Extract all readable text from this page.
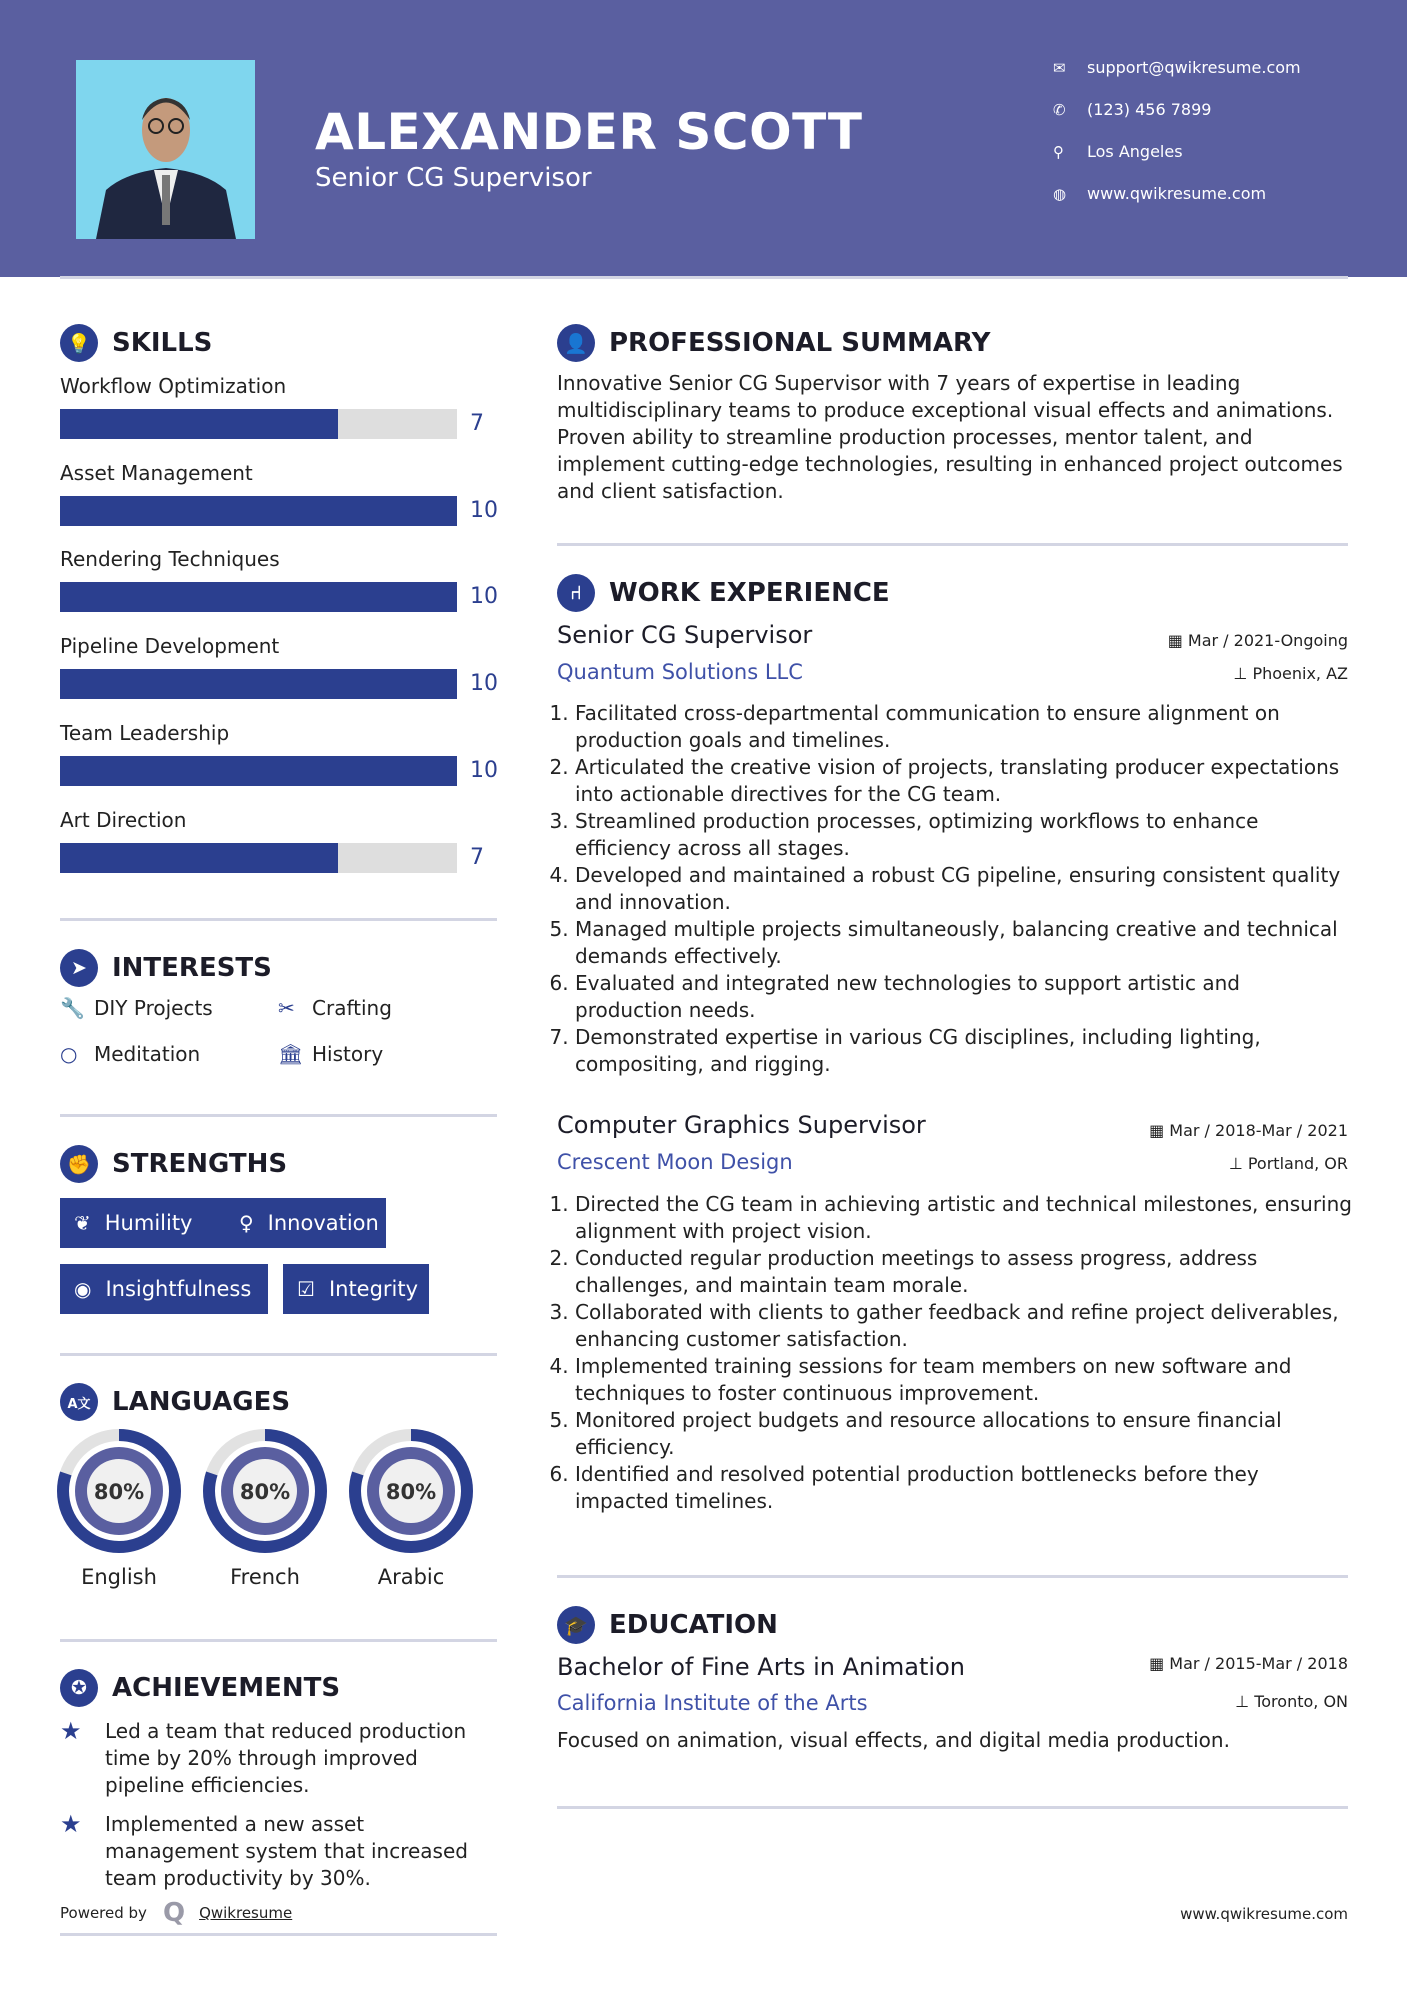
ALEXANDER SCOTT
Senior CG Supervisor
✉	support@qwikresume.com
✆	(123) 456 7899
⚲	Los Angeles
◍	www.qwikresume.com
💡 SKILLS
Workflow Optimization
7
Asset Management
10
Rendering Techniques
10
Pipeline Development
10
Team Leadership
10
Art Direction
7
➤ INTERESTS
🔧 DIY Projects	✂ Crafting
○ Meditation	🏛 History
✊ STRENGTHS
❦ Humility ♀ Innovation
◉ Insightfulness ☑ Integrity
A文 LANGUAGES
80%
English
80%
French
80%
Arabic
✪ ACHIEVEMENTS
★	Led a team that reduced production time by 20% through improved pipeline efficiencies.
★	Implemented a new asset management system that increased team productivity by 30%.
Powered by Q Qwikresume	www.qwikresume.com
👤 PROFESSIONAL SUMMARY
Innovative Senior CG Supervisor with 7 years of expertise in leading multidisciplinary teams to produce exceptional visual effects and animations. Proven ability to streamline production processes, mentor talent, and implement cutting-edge technologies, resulting in enhanced project outcomes and client satisfaction.
⑁	WORK EXPERIENCE
Senior CG Supervisor
Quantum Solutions LLC
▦ Mar / 2021-Ongoing
⊥ Phoenix, AZ
1. Facilitated cross-departmental communication to ensure alignment on production goals and timelines.
2. Articulated the creative vision of projects, translating producer expectations into actionable directives for the CG team.
3. Streamlined production processes, optimizing workflows to enhance efficiency across all stages.
4. Developed and maintained a robust CG pipeline, ensuring consistent quality and innovation.
5. Managed multiple projects simultaneously, balancing creative and technical demands effectively.
6. Evaluated and integrated new technologies to support artistic and production needs.
7. Demonstrated expertise in various CG disciplines, including lighting, compositing, and rigging.
Computer Graphics Supervisor
Crescent Moon Design
▦ Mar / 2018-Mar / 2021
⊥ Portland, OR
1. Directed the CG team in achieving artistic and technical milestones, ensuring alignment with project vision.
2. Conducted regular production meetings to assess progress, address challenges, and maintain team morale.
3. Collaborated with clients to gather feedback and refine project deliverables, enhancing customer satisfaction.
4. Implemented training sessions for team members on new software and techniques to foster continuous improvement.
5. Monitored project budgets and resource allocations to ensure financial efficiency.
6. Identified and resolved potential production bottlenecks before they impacted timelines.
🎓 EDUCATION
Bachelor of Fine Arts in Animation
California Institute of the Arts
▦ Mar / 2015-Mar / 2018
⊥ Toronto, ON
Focused on animation, visual effects, and digital media production.
